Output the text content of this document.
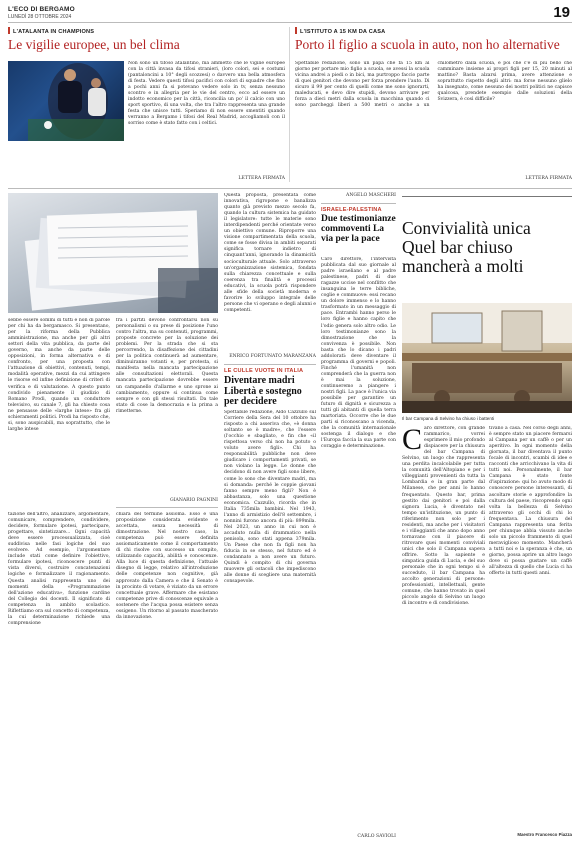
L'ECO DI BERGAMO
LUNEDÌ 28 OTTOBRE 2024	19
L'ATALANTA IN CHAMPIONS
Le vigilie europee, un bel clima
Non sono un tifoso atalantino, ma ammetto che le vigilie europee con la città invasa da tifosi stranieri, (loro colori, sei e costumi (pantaloncini a 10° degli scozzesi) o davvero una bella atmosfera di festa. Vedere questi tifosi pacifici con colori di squadre che fino a pochi anni fa si potevano vedere solo in tv, senza nessuno scontro e in allegria per le vie del centro, ecco ad essere un indotto economico per la città, riconcilia un po' il calcio con uno sport sportivo, di una volta, che tra l'altro rappresenta una grande festa che unisce tutti. Speriamo di non essere smentiti quando verranno a Bergamo i tifosi del Real Madrid, accogliamoli con il sorriso come è stato fatto con i celtici.
LETTERA FIRMATA
L'ISTITUTO A 15 KM DA CASA
Porto il figlio a scuola in auto, non ho alternative
Spettabile redazione, sono un papà che fa 15 km al giorno per portare mio figlio a scuola, se avessi la scuola vicina andrei a piedi o in bici, ma purtroppo faccio parte di quei genitori che devono per forza prendere l'auto. Di sicuro il 99 per cento di quelli come me sono ignorarti, maleducati, e devo dire stupidi, devono arrivare per forza a dieci metri dalla scuola in macchina quando ci sono parcheggi liberi a 500 metri o anche a un chilometro dalla scuola, e poi che c'è di più bello che camminare insieme ai propri figli per 15, 20 minuti al mattino? Basta alzarsi prima, avere attenzione e soprattutto rispetto degli altri: ma forse nessuno glielo ha insegnato, come nessuno dei nostri politici ne capisce qualcosa, prendete esempio dalle soluzioni della Svizzera, è così difficile?
LETTERA FIRMATA
sebbe essere sommi di tutti e non di parole per chi ha da bergamasco. Si presentano, per la riforma della Pubblica amministrazione, ma anche per gli altri settori della vita pubblica, da parte del governo, ma anche da parte delle opposizioni, in forma alternativa e di confronto, per una proposta con l'attuazione di obiettivi, contenuti, tempi, modalità operative, mezzi da cui attingere le risorse ed infine definizione di criteri di verifica e di valutazione. A questo punto condivido pienamente il giudizio di Romano Prodi, quando un conduttore televisivo, su canale 7, gli ha chiesto cosa ne pensasse delle «larghe intese» fra gli schieramenti politici. Prodi ha risposto che, si, sono auspicabili, ma soprattutto, che le larghe intese
fra i partiti devono confrontarsi non su personalismi o su prese di posizione l'uno contro l'altra, ma su contenuti, programmi, proposte concrete per la soluzione dei problemi. Per la strada che si sta percorrendo, la disaffezione dei cittadini per la politica continuerà ad aumentare, diminuiranno votanti e, per protesta, si manifesta nella mancata partecipazione alle consultazioni elettorali. Questa mancata partecipazione dovrebbe essere un campanello d'allarme e uno sprone ai cambiamento, oppure si continua come sempre e con gli stessi risultati. Da tale stato di cose la democrazia e la prima a rimetterne.
GIANARIO PAGNINI
tazione dell'altro, analizzare, argomentare, comunicare, comprendere, condividere, decidere, formulare ipotesi, partecipare, progettare, sintetizzare... Ogni capacità deve essere processualizzata, cioè suddivisa nelle fasi logiche del suo evolvere. Ad esempio, l'argomentare include stati come definire l'obiettivo, formulare ipotesi, riconoscere punti di vista diversi, costruire concatenazioni logiche e formalizzare il ragionamento. Questa analisi rappresenta uno dei momenti della «Programmazione dell'azione educativa», funzione cardine del Collegio dei docenti. Il significato di competenza in ambito scolastico. Riflettiamo ora sul concetto di competenza, la cui determinazione richiede una comprensione
chiara del termine assioma. Esso è una proposizione considerata evidente e accettata, senza necessità di dimostrazione. Nel nostro caso, la competenza può essere definita assiomaticamente come il comportamento di chi risolve con successo un compito, utilizzando capacità, abilità e conoscenze. Alla luce di questa definizione, l'attuale disegno di legge, relativo all'introduzione delle competenze non cognitive, già approvato dalla Camera e che il Senato è in procinto di votare, è viziato da un errore concettuale grave. Affermare che esistano competenze prive di conoscenze equivale a sostenere che l'acqua possa esistere senza ossigeno. Un ritorno al passato mascherato da innovazione.
Questa proposta, presentata come innovativa, rigropone e banalizza quanto già previsto mezzo secolo fa, quando la cultura sistemica ha guidato il legislatore: tutte le materie sono interdipendenti perché orientate verso un obiettivo comune. Riproporre una visione compartimentata della scuola, come se fosse divisa in ambiti separati significa tornare indietro di cinquant'anni, ignorando la dinamicità socioculturale attuale. Solo attraverso un'organizzazione sistemica, fondata sulla chiarezza concettuale e sulla coerenza tra finalità e processi educativi, la scuola potrà rispondere alle sfide della società moderna e favorire lo sviluppo integrale delle persone che vi operano e degli alunni e competenti.
ENRICO FORTUNATO MARANZANA
LE CULLE VUOTE IN ITALIA
Diventare madri Libertà e sostegno per decidere
Spettabile redazione, Aldo Cazzullo sul Corriere della Sera del 10 ottobre ha risposto a chi asseriva che, «è donna soltanto se è madre», che l'essere (l'occhio e sbagliato, e fin che «il rispettosa verso chi non ha potuto o voluto avere figli». Chi ha responsabilità pubbliche non deve giudicare i comportamenti privati, se non violano la legge. Le donne che decidono di non avere figli sono libere, come lo sono che diventare madri, ma si domanda: perché le coppie giovani fanno sempre meno figli? Non è abbastanza, solo una questione economica. Cazzullo, ricorda che in Italia 735mila bambini. Nel 1943, l'anno di armistizio dell'8 settembre, i nonnini furono ancora di più: 899mila. Nel 2023, un anno in cui non è accaduto nulla di drammatico nella penisola, sono stati appena 379mila. Un Paese che non fa figli non ha fiducia in se stesso, nel futuro ed è condannato a non avere un futuro. Quindi è compito di chi governa muovere gli ostacoli che impediscono alle donne di scegliere una maternità consapevole.
ANGELO MASCHERI
ISRAELE-PALESTINA
Due testimonianze commoventi La via per la pace
Caro direttore, l'intervista pubblicata dal suo giornale al padre israeliano e al padre palestinese, padri di due ragazze uccise nel conflitto che insanguina le terre bibliche, coglie e commuove: essi recano un dolore immenso e lo hanno trasformato in un messaggio di pace. Entrambi hanno perso le loro figlie e hanno capito che l'odio genera solo altro odio. Le loro testimonianze sono la dimostrazione che la convivenza è possibile. Non basta che lo dicano i padri addolorati: deve diventare il programma di governi e popoli. Finché l'umanità non comprenderà che la guerra non è mai la soluzione, continueremo a piangere i nostri figli. La pace è l'unica via possibile per garantire un futuro di dignità e sicurezza a tutti gli abitanti di quella terra martoriata. Occorre che le due parti si riconoscano a vicenda, che la comunità internazionale sostenga il dialogo e che l'Europa faccia la sua parte con coraggio e determinazione.
CARLO SAVIOLI
Convivialità unica
Quel bar chiuso
mancherà a molti
Il bar Campana di Selvino ha chiuso i battenti
Caro direttore, con grande rammarico, vorrei esprimere il mio profondo dispiacere per la chiusura del bar Campana di Selvino, un luogo che rappresenta una perdita incalcolabile per tutta la comunità dell'Altopiano e per i villeggianti provenienti da tutta la Lombardia e in gran parte dal Milanese, che per anni lo hanno frequentato. Questo bar, prima gestito dai genitori e poi dalla signora Lucia, è diventato nel tempo un'istituzione, un punto di riferimento non solo per i residenti, ma anche per i visitatori e i villeggianti che anno dopo anno tornavano con il piacere di ritrovare quei momenti conviviali unici che solo il Campana sapeva offrire. Sotto la sapiente e simpatica guida di Lucia, e del suo personale che in ogni tempo si è succeduto, il bar Campana ha accolto generazioni di persone: professionisti, intellettuali, gente comune, che hanno trovato in quel piccolo angolo di Selvino un luogo di incontro e di condivisione.
tivano a casa. Nel corso degli anni, è sempre stato un piacere fermarsi al Campana per un caffè o per un aperitivo. In ogni momento della giornata, il bar diventava il punto focale di incontri, scambi di idee e racconti che arricchivano la vita di tutti noi. Personalmente, il bar Campana è stato fonte d'ispirazione: qui ho avuto modo di conoscere persone interessanti, di ascoltare storie e approfondire la cultura del paese, riscoprendo ogni volta la bellezza di Selvino attraverso gli occhi di chi lo frequentava. La chiusura del Campana rappresenta una ferita per chiunque abbia vissuto anche solo un piccolo frammento di quel meraviglioso momento. Mancherà a tutti noi e la speranza è che, un giorno, possa aprire un altro luogo dove si possa gustare un caffè all'altezza di quello che Lucia ci ha offerto in tutti questi anni.
Maestro Francesco Piazza
